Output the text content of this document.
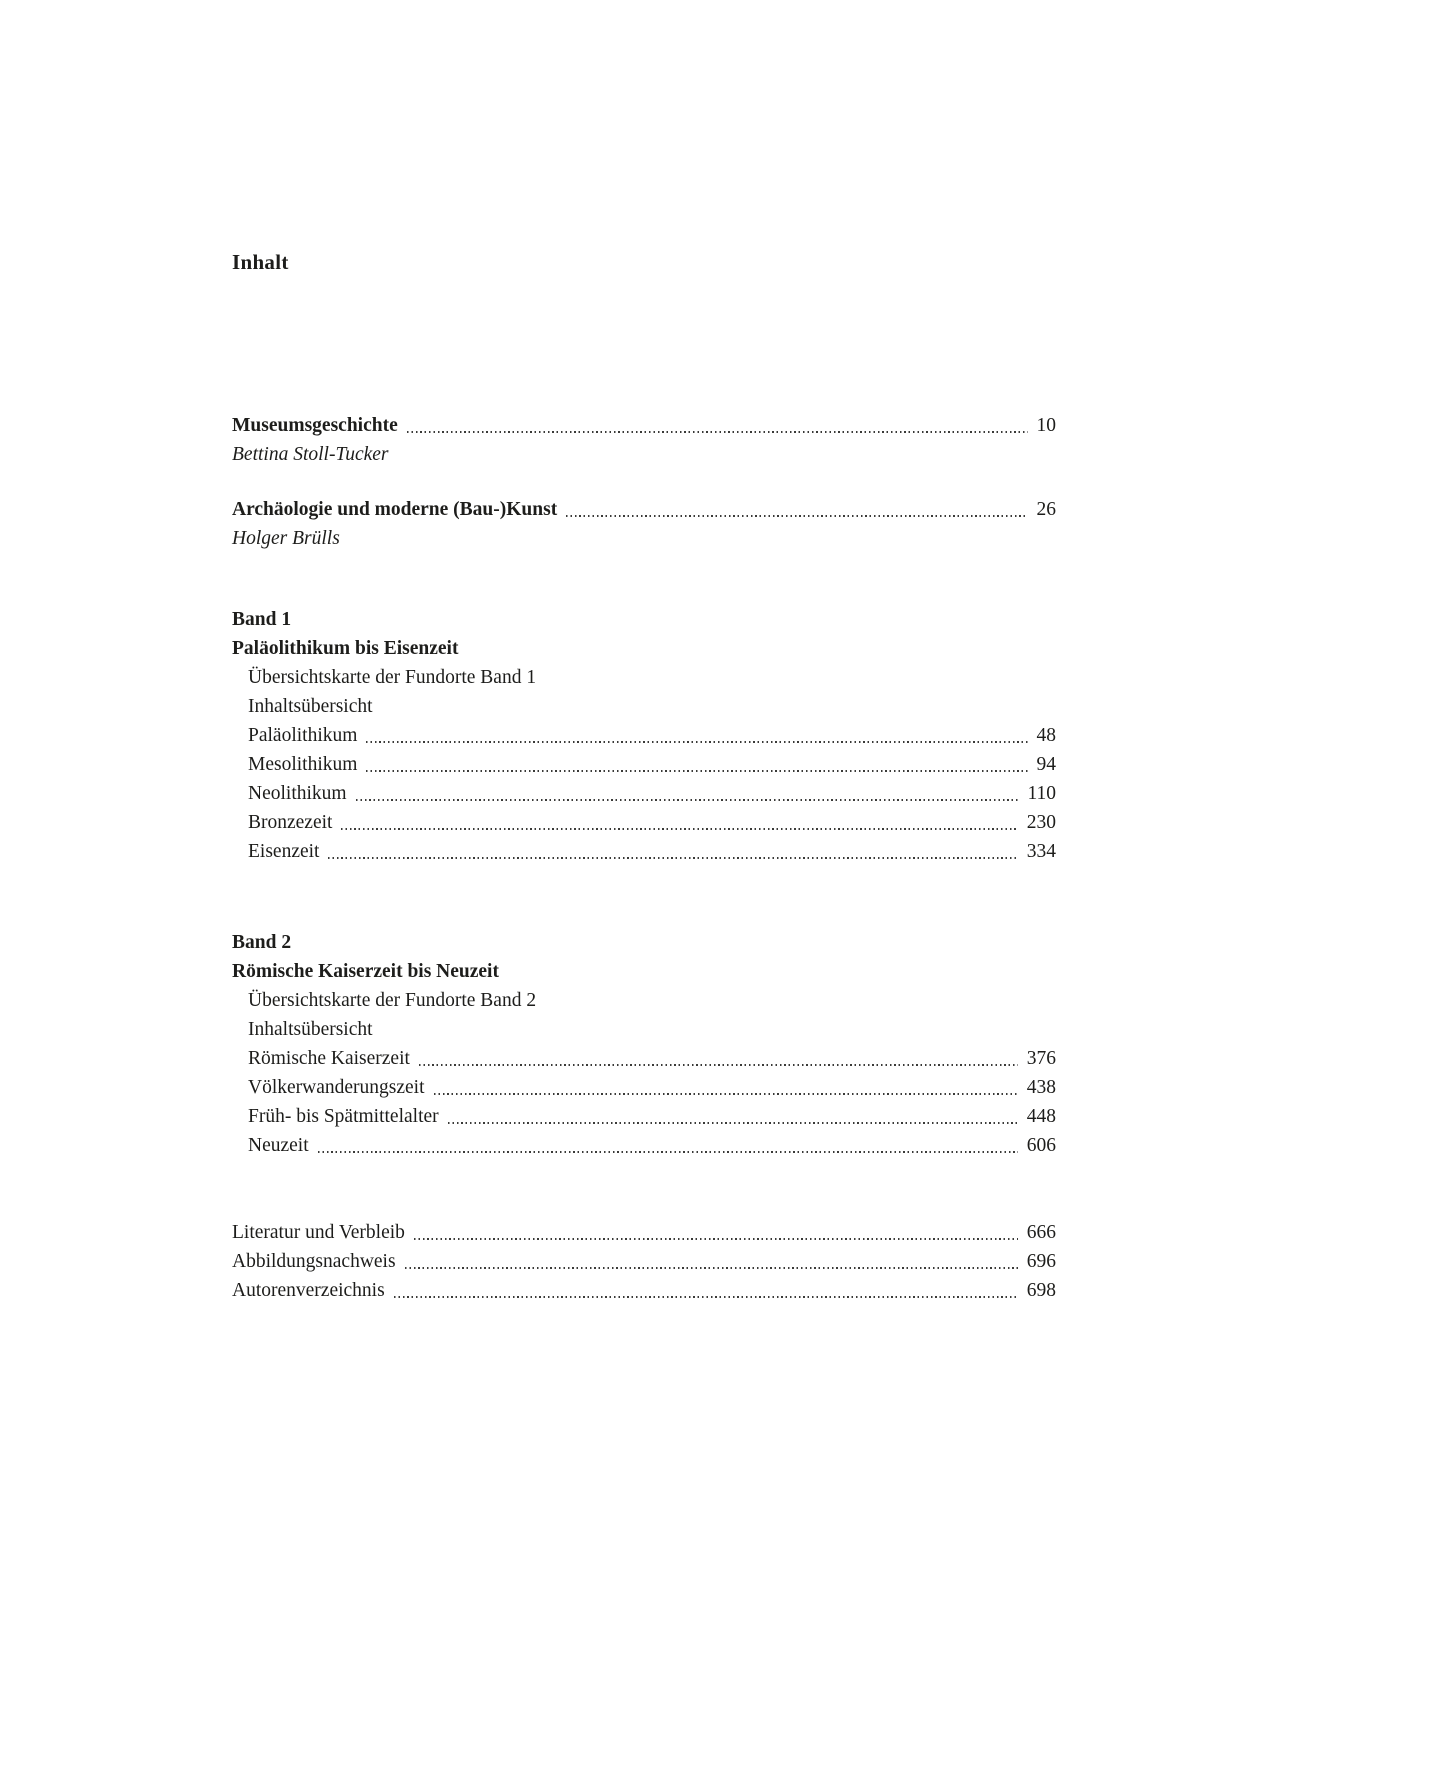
Inhalt
Museumsgeschichte	10
Bettina Stoll-Tucker
Archäologie und moderne (Bau-)Kunst	26
Holger Brülls
Band 1
Paläolithikum bis Eisenzeit
Übersichtskarte der Fundorte Band 1
Inhaltsübersicht
Paläolithikum	48
Mesolithikum	94
Neolithikum	110
Bronzezeit	230
Eisenzeit	334
Band 2
Römische Kaiserzeit bis Neuzeit
Übersichtskarte der Fundorte Band 2
Inhaltsübersicht
Römische Kaiserzeit	376
Völkerwanderungszeit	438
Früh- bis Spätmittelalter	448
Neuzeit	606
Literatur und Verbleib	666
Abbildungsnachweis	696
Autorenverzeichnis	698
